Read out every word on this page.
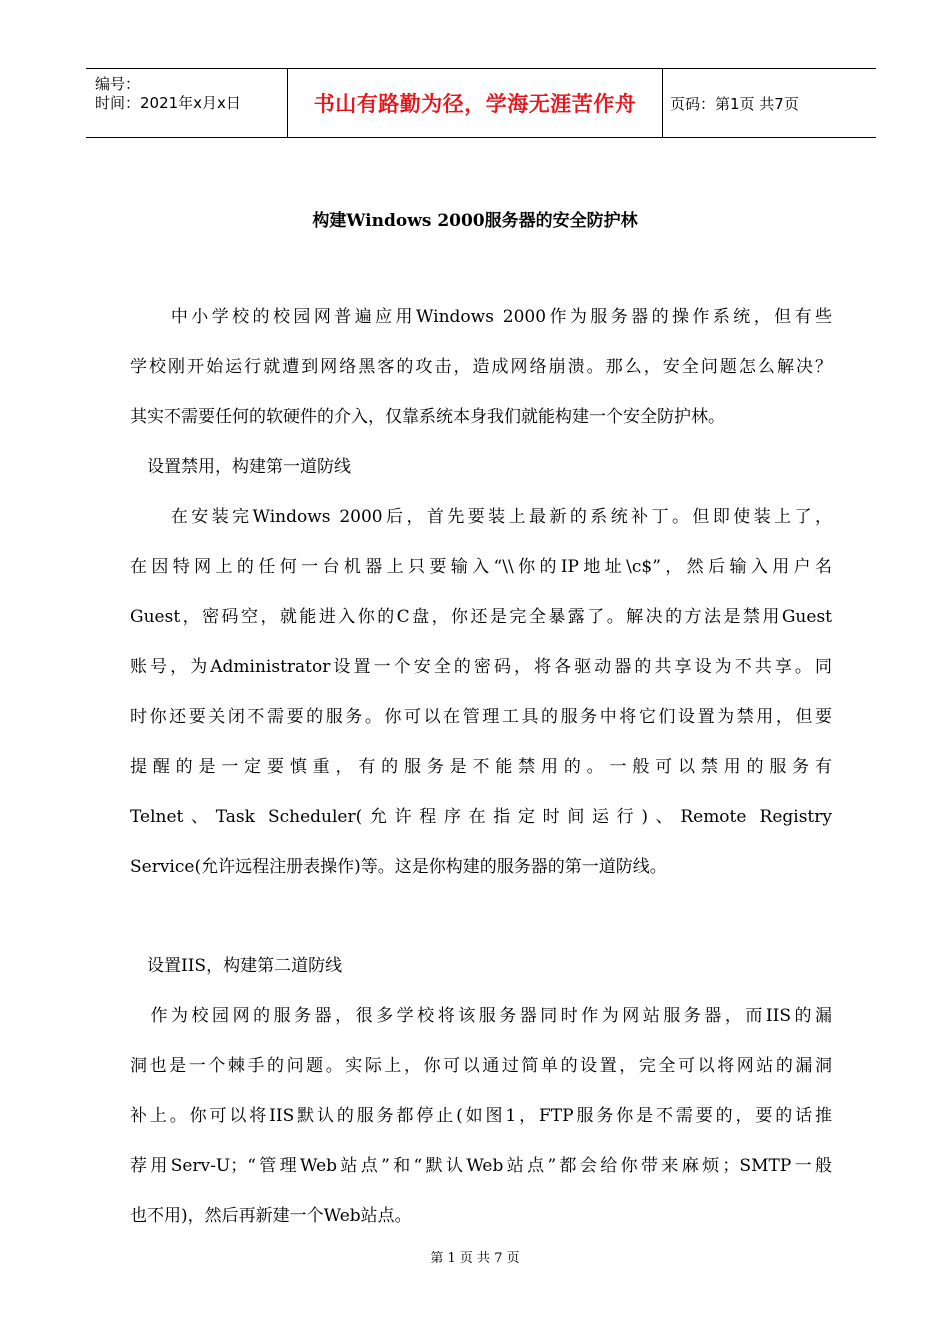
编号：
时间：2021年x月x日	书山有路勤为径，学海无涯苦作舟	页码：第1页 共7页
构建Windows 2000服务器的安全防护林
　　中小学校的校园网普遍应用Windows 2000作为服务器的操作系统，但有些
学校刚开始运行就遭到网络黑客的攻击，造成网络崩溃。那么，安全问题怎么解决？
其实不需要任何的软硬件的介入，仅靠系统本身我们就能构建一个安全防护林。
　设置禁用，构建第一道防线
　　在安装完Windows 2000后，首先要装上最新的系统补丁。但即使装上了，
在因特网上的任何一台机器上只要输入“\\你的IP地址\c$”，然后输入用户名
Guest，密码空，就能进入你的C盘，你还是完全暴露了。解决的方法是禁用Guest
账号，为Administrator设置一个安全的密码，将各驱动器的共享设为不共享。同
时你还要关闭不需要的服务。你可以在管理工具的服务中将它们设置为禁用，但要
提醒的是一定要慎重，有的服务是不能禁用的。一般可以禁用的服务有
Telnet、Task Scheduler(允许程序在指定时间运行)、Remote Registry
Service(允许远程注册表操作)等。这是你构建的服务器的第一道防线。
　设置IIS，构建第二道防线
　作为校园网的服务器，很多学校将该服务器同时作为网站服务器，而IIS的漏
洞也是一个棘手的问题。实际上，你可以通过简单的设置，完全可以将网站的漏洞
补上。你可以将IIS默认的服务都停止(如图1，FTP服务你是不需要的，要的话推
荐用Serv-U；“管理Web站点”和“默认Web站点”都会给你带来麻烦；SMTP一般
也不用)，然后再新建一个Web站点。
第 1 页 共 7 页
